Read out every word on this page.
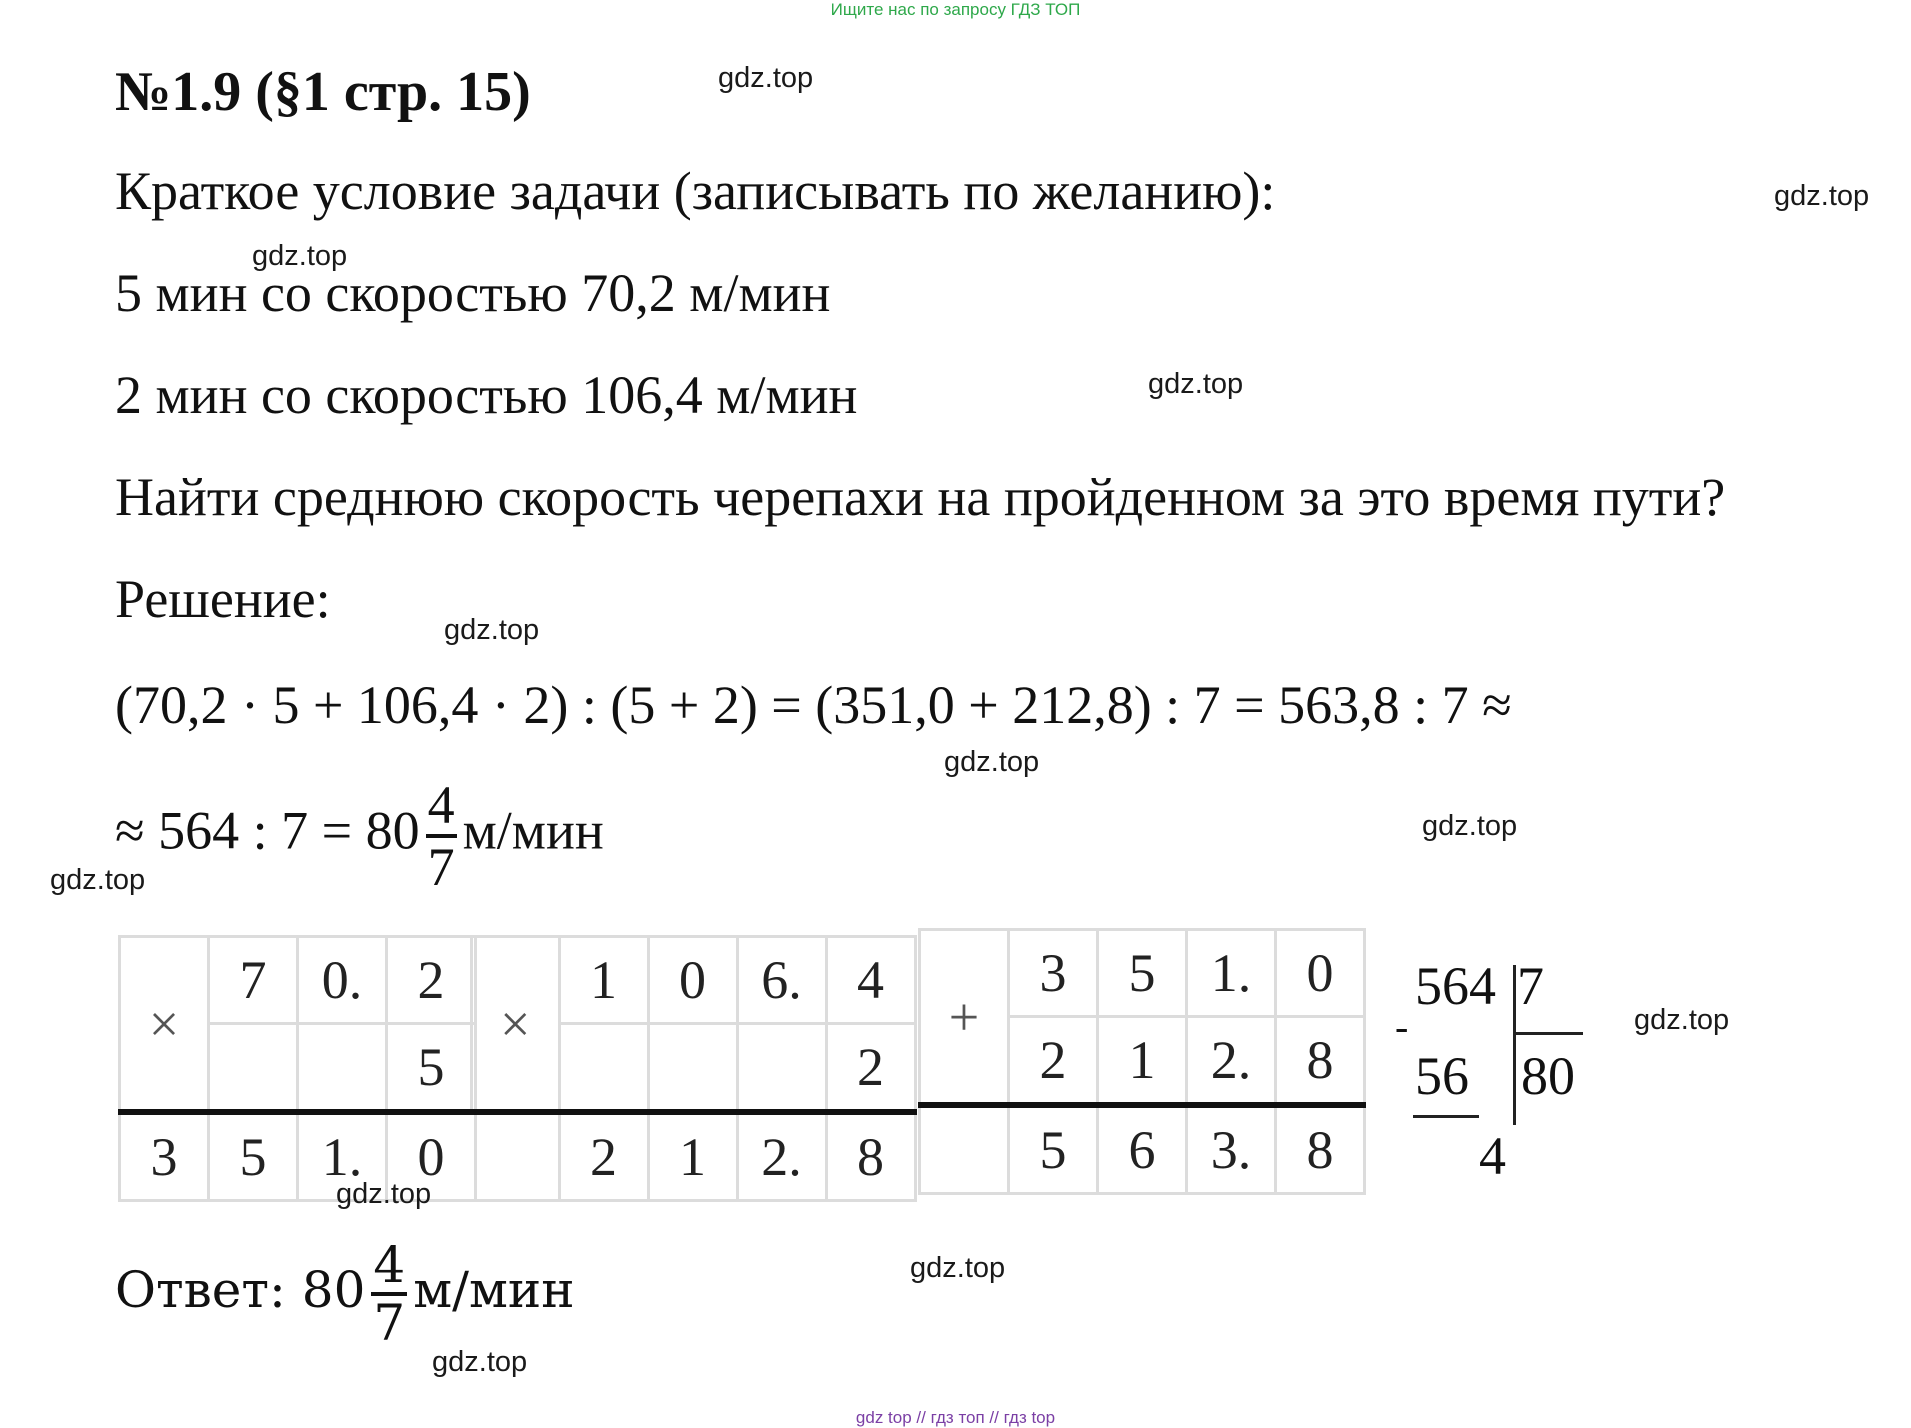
Ищите нас по запросу ГДЗ ТОП
№1.9 (§1 стр. 15)
Краткое условие задачи (записывать по желанию):
5 мин со скоростью 70,2 м/мин
2 мин со скоростью 106,4 м/мин
Найти среднюю скорость черепахи на пройденном за это время пути?
Решение:
(70,2 · 5 + 106,4 · 2) : (5 + 2) = (351,0 + 212,8) : 7 = 563,8 : 7 ≈
≈ 564 : $7 = 80 \frac{4}{7} м/мин$
×	7	0.	2
			5
3	5	1.	0
×	1	0	6.	4
				2
	2	1	2.	8
+	3	5	1.	0
	2	1	2.	8
	5	6	3.	8
564 7
-
56 80
4
Ответ: $80 \frac{4}{7} м/мин$
gdz.top
gdz.top
gdz.top
gdz.top
gdz.top
gdz.top
gdz.top
gdz.top
gdz.top
gdz.top
gdz.top
gdz.top
gdz top // гдз топ // гдз top
